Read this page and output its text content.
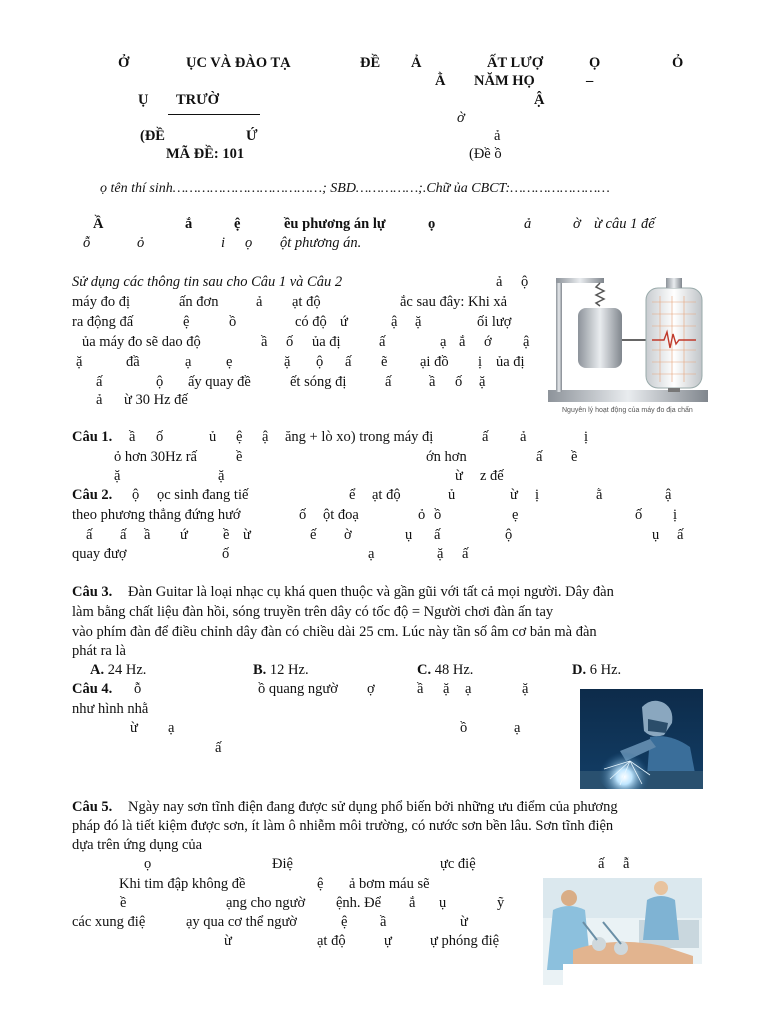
Ở	ỤC VÀ ĐÀO TẠ	ĐỀ Ả	ẤT LƯỢ	Ọ	Ỏ
Ằ NĂM HỌ	–
Ụ TRƯỜ	Ậ
ờ
(ĐỀ	Ứ	ả
MÃ ĐỀ: 101	(Đề ồ
ọ tên thí sinh………………………………; SBD……………;.Chữ ủa CBCT:……………………
Ầ	ắ	ệ	ều phương án lự	ọ	ả	ờ ừ câu 1 đế
ỗ	ỏ	i ọ ột phương án.
Sử dụng các thông tin sau cho Câu 1 và Câu 2	ả ộ
máy đo đị	ấn đơn	ả ạt độ	ắc sau đây: Khi xả
ra động đấ	ệ	ồ	có độ ứ	ậ ặ	ối lượ
ủa máy đo sẽ dao độ	ầ ố ủa đị	ấ	ạ ắ ớ ậ
ặ	đầ	ạ ẹ	ặ ộ ấ ẽ ại đồ ị ủa đị
ấ	ộ ấy quay đề	ết sóng đị	ấ	ầ ố ặ
ả ừ 30 Hz đế
Nguyên lý hoạt động của máy đo địa chấn
Câu 1. ầ ố	ủ ệ ậ ăng + lò xo) trong máy đị	ấ ả	ị
ỏ hơn 30Hz rấ	ề	ớn hơn	ấ ề
ặ	ặ	ừ z đế
Câu 2. ộ ọc sinh đang tiế	ể ạt độ	ủ	ừ ị	ằ	ậ
theo phương thẳng đứng hướ	ố ột đoạ	ỏ ồ	ẹ	ố ị
ấ ấ ầ ứ ề ừ	ế ờ	ụ ấ	ộ	ụ ấ
quay đượ	ố	ạ	ặ ấ
Câu 3. Đàn Guitar là loại nhạc cụ khá quen thuộc và gần gũi với tất cả mọi người. Dây đàn
làm bằng chất liệu đàn hồi, sóng truyền trên dây có tốc độ = Người chơi đàn ấn tay
vào phím đàn để điều chỉnh dây đàn có chiều dài 25 cm. Lúc này tần số âm cơ bản mà đàn
phát ra là
A. 24 Hz.	B. 12 Hz.	C. 48 Hz.	D. 6 Hz.
Câu 4. ỗ	ồ quang ngườ ợ	ầ ặ ạ	ặ
như hình nhằ
ừ ạ	ồ	ạ
ấ
Câu 5. Ngày nay sơn tĩnh điện đang được sử dụng phổ biến bởi những ưu điểm của phương
pháp đó là tiết kiệm được sơn, ít làm ô nhiễm môi trường, có nước sơn bền lâu. Sơn tĩnh điện
dựa trên ứng dụng của
ọ	Điệ	ực điệ	ấ ẫ
Khi tim đập không đề	ệ ả bơm máu sẽ
ề	ạng cho ngườ ệnh. Để ắ ụ	ỹ
các xung điệ	ạy qua cơ thể ngườ	ệ ầ	ừ
ừ	ạt độ	ự	ự phóng điệ
